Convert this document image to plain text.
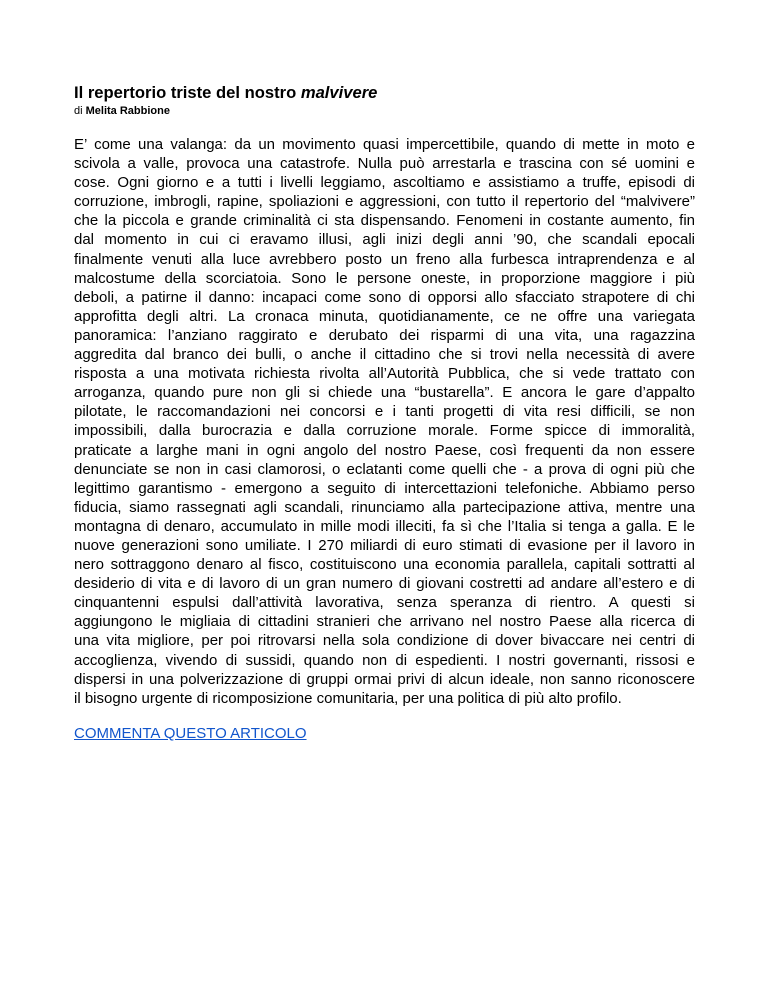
Il repertorio triste del nostro malvivere

di Melita Rabbione

E’ come una valanga: da un movimento quasi impercettibile, quando di mette in moto e
scivola a valle, provoca una catastrofe. Nulla può arrestarla e trascina con sé uomini e
cose. Ogni giorno e a tutti i livelli leggiamo, ascoltiamo e assistiamo a truffe, episodi di
corruzione, imbrogli, rapine, spoliazioni e aggressioni, con tutto il repertorio del “malvivere”
che la piccola e grande criminalità ci sta dispensando. Fenomeni in costante aumento, fin
dal momento in cui ci eravamo illusi, agli inizi degli anni ’90, che scandali epocali
finalmente venuti alla luce avrebbero posto un freno alla furbesca intraprendenza e al
malcostume della scorciatoia. Sono le persone oneste, in proporzione maggiore i più
deboli, a patirne il danno: incapaci come sono di opporsi allo sfacciato strapotere di chi
approfitta degli altri. La cronaca minuta, quotidianamente, ce ne offre una variegata
panoramica: l’anziano raggirato e derubato dei risparmi di una vita, una ragazzina
aggredita dal branco dei bulli, o anche il cittadino che si trovi nella necessità di avere
risposta a una motivata richiesta rivolta all’Autorità Pubblica, che si vede trattato con
arroganza, quando pure non gli si chiede una “bustarella”. E ancora le gare d’appalto
pilotate, le raccomandazioni nei concorsi e i tanti progetti di vita resi difficili, se non
impossibili, dalla burocrazia e dalla corruzione morale. Forme spicce di immoralità,
praticate a larghe mani in ogni angolo del nostro Paese, così frequenti da non essere
denunciate se non in casi clamorosi, o eclatanti come quelli che - a prova di ogni più che
legittimo garantismo - emergono a seguito di intercettazioni telefoniche. Abbiamo perso
fiducia, siamo rassegnati agli scandali, rinunciamo alla partecipazione attiva, mentre una
montagna di denaro, accumulato in mille modi illeciti, fa sì che l’Italia si tenga a galla. E le
nuove generazioni sono umiliate. I 270 miliardi di euro stimati di evasione per il lavoro in
nero sottraggono denaro al fisco, costituiscono una economia parallela, capitali sottratti al
desiderio di vita e di lavoro di un gran numero di giovani costretti ad andare all’estero e di
cinquantenni espulsi dall’attività lavorativa, senza speranza di rientro. A questi si
aggiungono le migliaia di cittadini stranieri che arrivano nel nostro Paese alla ricerca di
una vita migliore, per poi ritrovarsi nella sola condizione di dover bivaccare nei centri di
accoglienza, vivendo di sussidi, quando non di espedienti. I nostri governanti, rissosi e
dispersi in una polverizzazione di gruppi ormai privi di alcun ideale, non sanno riconoscere
il bisogno urgente di ricomposizione comunitaria, per una politica di più alto profilo.
COMMENTA QUESTO ARTICOLO
